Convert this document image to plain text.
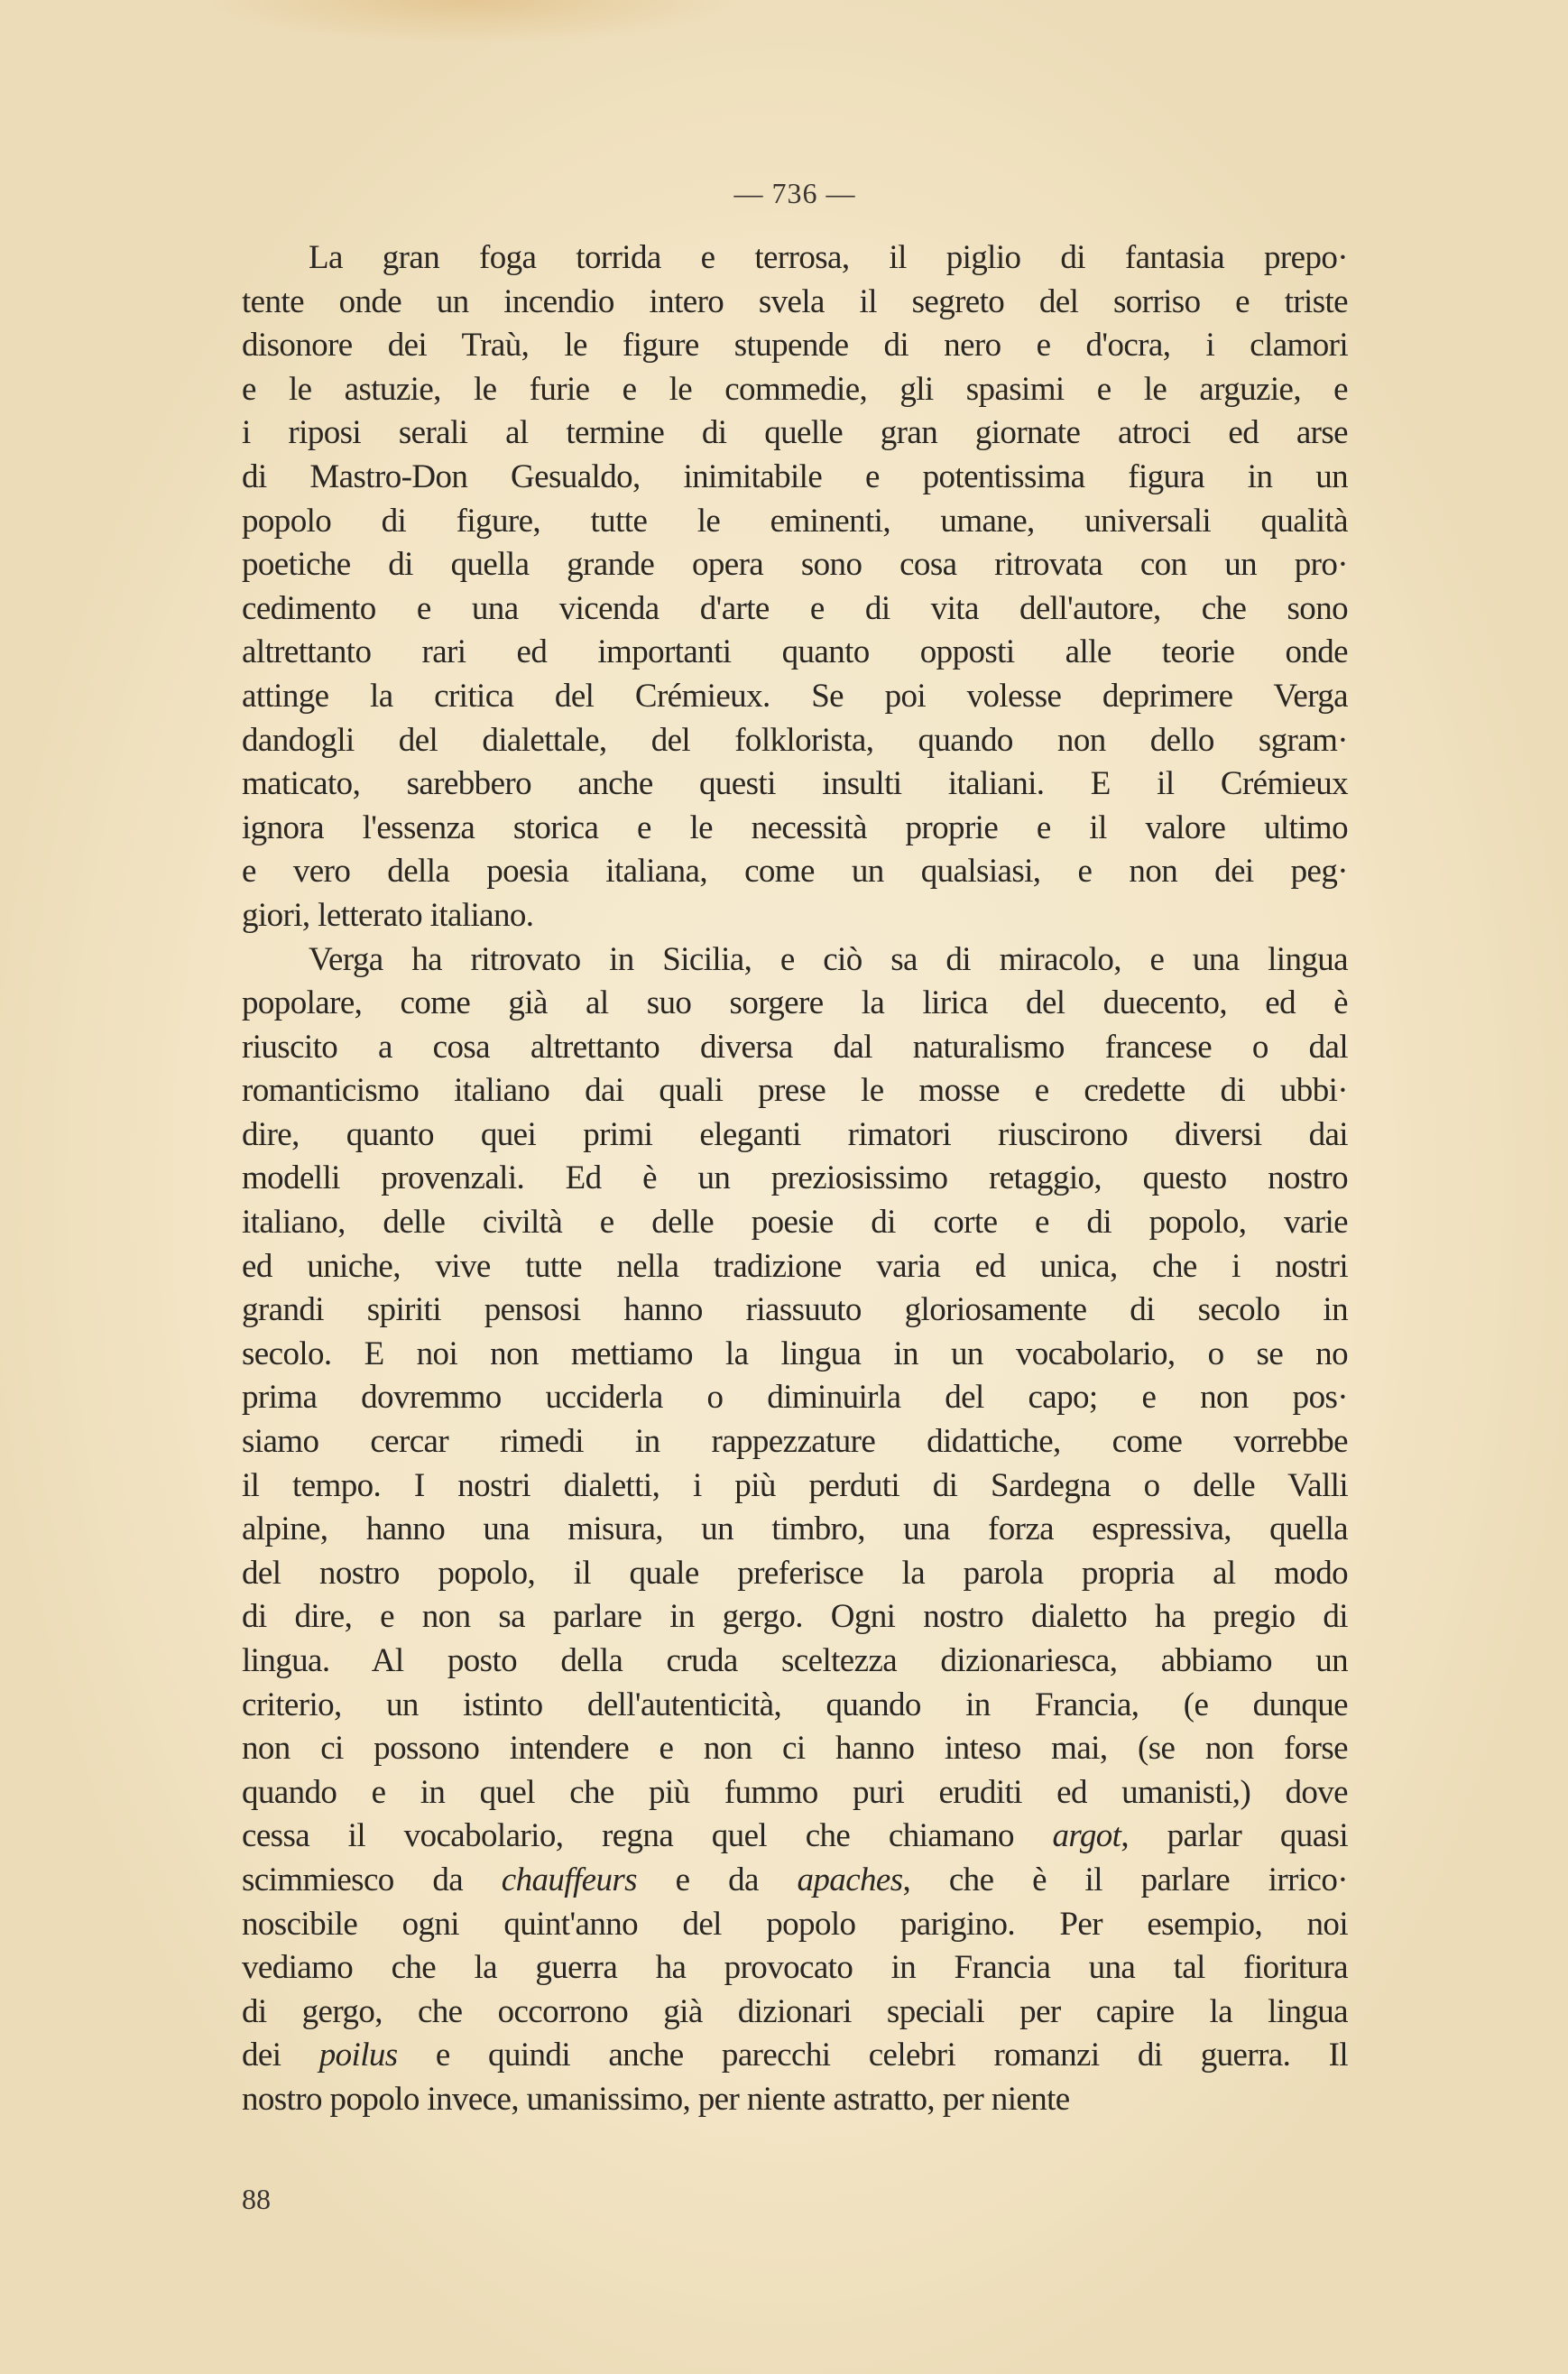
— 736 —
La gran foga torrida e terrosa, il piglio di fantasia prepo·
tente onde un incendio intero svela il segreto del sorriso e triste
disonore dei Traù, le figure stupende di nero e d'ocra, i clamori
e le astuzie, le furie e le commedie, gli spasimi e le arguzie, e
i riposi serali al termine di quelle gran giornate atroci ed arse
di Mastro-Don Gesualdo, inimitabile e potentissima figura in un
popolo di figure, tutte le eminenti, umane, universali qualità
poetiche di quella grande opera sono cosa ritrovata con un pro·
cedimento e una vicenda d'arte e di vita dell'autore, che sono
altrettanto rari ed importanti quanto opposti alle teorie onde
attinge la critica del Crémieux. Se poi volesse deprimere Verga
dandogli del dialettale, del folklorista, quando non dello sgram·
maticato, sarebbero anche questi insulti italiani. E il Crémieux
ignora l'essenza storica e le necessità proprie e il valore ultimo
e vero della poesia italiana, come un qualsiasi, e non dei peg·
giori, letterato italiano.
Verga ha ritrovato in Sicilia, e ciò sa di miracolo, e una lingua
popolare, come già al suo sorgere la lirica del duecento, ed è
riuscito a cosa altrettanto diversa dal naturalismo francese o dal
romanticismo italiano dai quali prese le mosse e credette di ubbi·
dire, quanto quei primi eleganti rimatori riuscirono diversi dai
modelli provenzali. Ed è un preziosissimo retaggio, questo nostro
italiano, delle civiltà e delle poesie di corte e di popolo, varie
ed uniche, vive tutte nella tradizione varia ed unica, che i nostri
grandi spiriti pensosi hanno riassuuto gloriosamente di secolo in
secolo. E noi non mettiamo la lingua in un vocabolario, o se no
prima dovremmo ucciderla o diminuirla del capo; e non pos·
siamo cercar rimedi in rappezzature didattiche, come vorrebbe
il tempo. I nostri dialetti, i più perduti di Sardegna o delle Valli
alpine, hanno una misura, un timbro, una forza espressiva, quella
del nostro popolo, il quale preferisce la parola propria al modo
di dire, e non sa parlare in gergo. Ogni nostro dialetto ha pregio di
lingua. Al posto della cruda sceltezza dizionariesca, abbiamo un
criterio, un istinto dell'autenticità, quando in Francia, (e dunque
non ci possono intendere e non ci hanno inteso mai, (se non forse
quando e in quel che più fummo puri eruditi ed umanisti,) dove
cessa il vocabolario, regna quel che chiamano argot, parlar quasi
scimmiesco da chauffeurs e da apaches, che è il parlare irrico·
noscibile ogni quint'anno del popolo parigino. Per esempio, noi
vediamo che la guerra ha provocato in Francia una tal fioritura
di gergo, che occorrono già dizionari speciali per capire la lingua
dei poilus e quindi anche parecchi celebri romanzi di guerra. Il
nostro popolo invece, umanissimo, per niente astratto, per niente
88
